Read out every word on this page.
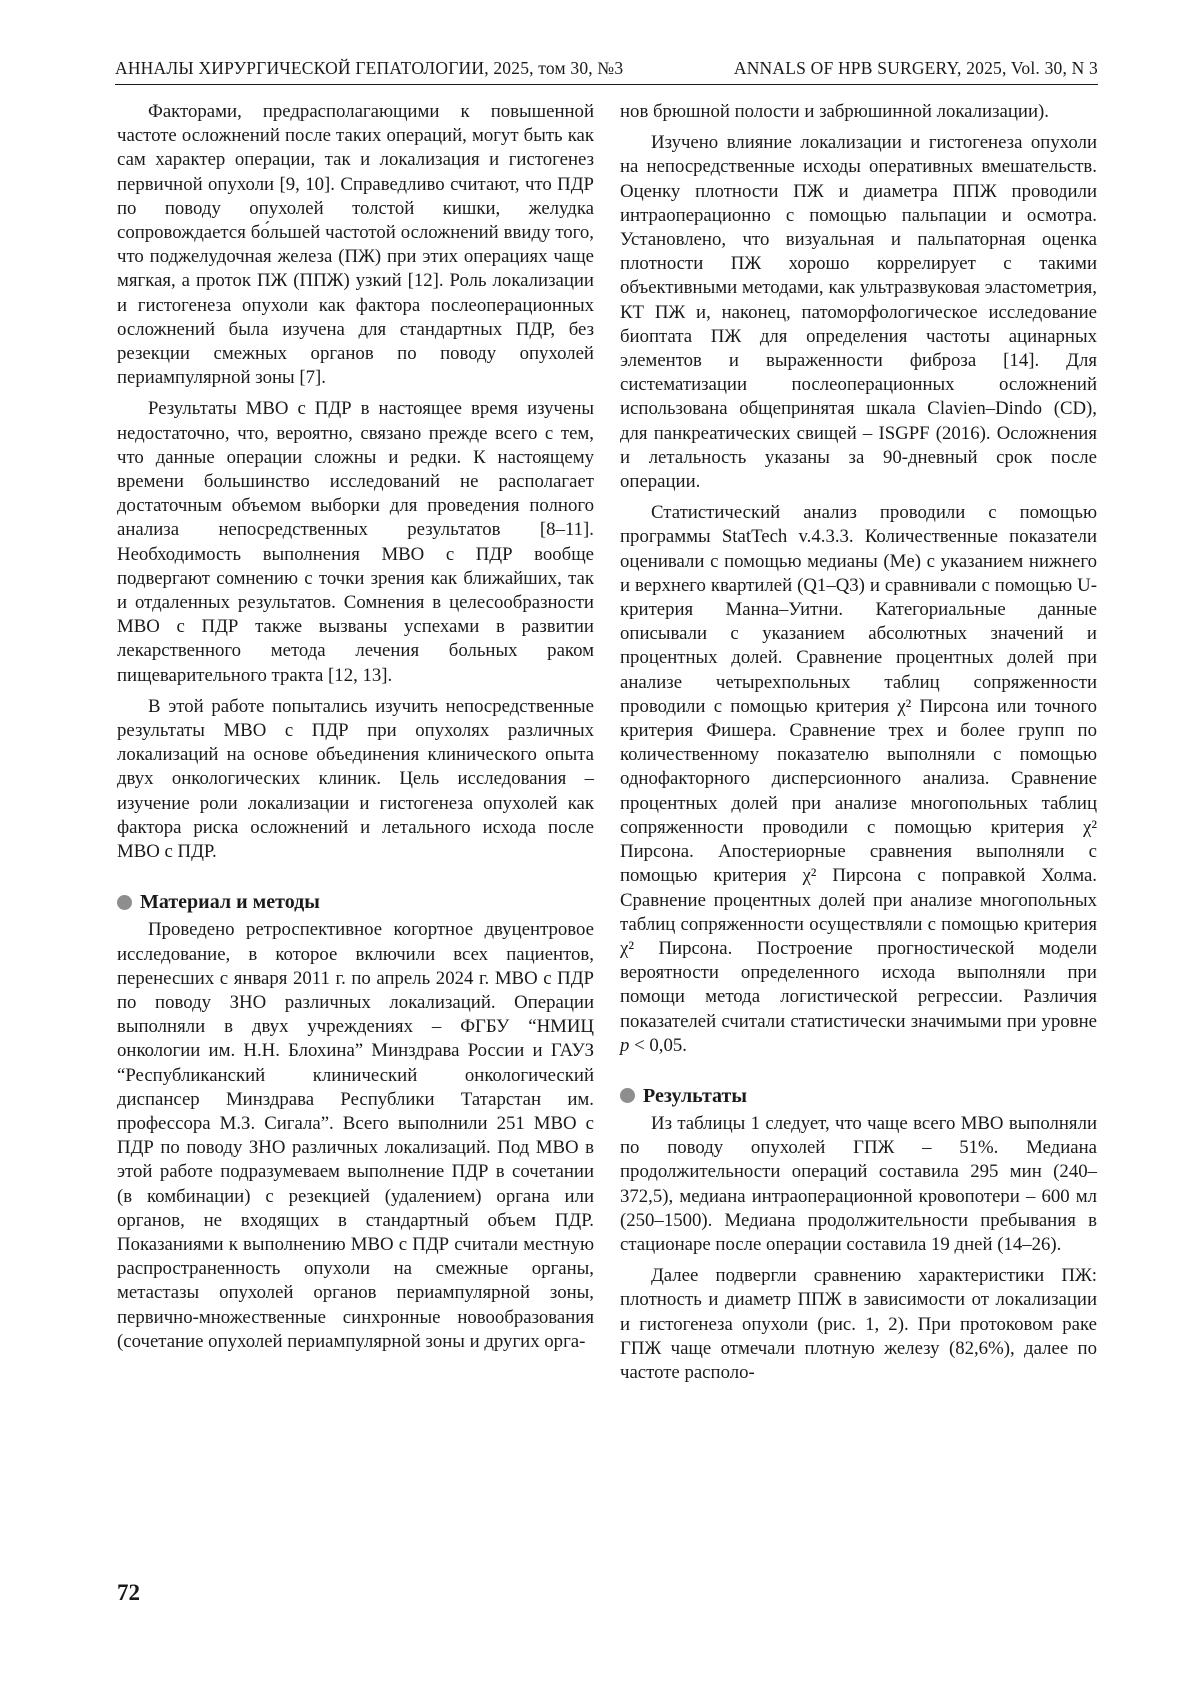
АННАЛЫ ХИРУРГИЧЕСКОЙ ГЕПАТОЛОГИИ, 2025, том 30, №3	ANNALS OF HPB SURGERY, 2025, Vol. 30, N 3

Факторами, предрасполагающими к повышенной частоте осложнений после таких операций, могут быть как сам характер операции, так и локализация и гистогенез первичной опухоли [9, 10]. Справедливо считают, что ПДР по поводу опухолей толстой кишки, желудка сопровождается бо́льшей частотой осложнений ввиду того, что поджелудочная железа (ПЖ) при этих операциях чаще мягкая, а проток ПЖ (ППЖ) узкий [12]. Роль локализации и гистогенеза опухоли как фактора послеоперационных осложнений была изучена для стандартных ПДР, без резекции смежных органов по поводу опухолей периампулярной зоны [7].

Результаты МВО с ПДР в настоящее время изучены недостаточно, что, вероятно, связано прежде всего с тем, что данные операции сложны и редки. К настоящему времени большинство исследований не располагает достаточным объемом выборки для проведения полного анализа непосредственных результатов [8–11]. Необходимость выполнения МВО с ПДР вообще подвергают сомнению с точки зрения как ближайших, так и отдаленных результатов. Сомнения в целесообразности МВО с ПДР также вызваны успехами в развитии лекарственного метода лечения больных раком пищеварительного тракта [12, 13].

В этой работе попытались изучить непосредственные результаты МВО с ПДР при опухолях различных локализаций на основе объединения клинического опыта двух онкологических клиник. Цель исследования – изучение роли локализации и гистогенеза опухолей как фактора риска осложнений и летального исхода после МВО с ПДР.

Материал и методы

Проведено ретроспективное когортное двуцентровое исследование, в которое включили всех пациентов, перенесших с января 2011 г. по апрель 2024 г. МВО с ПДР по поводу ЗНО различных локализаций. Операции выполняли в двух учреждениях – ФГБУ “НМИЦ онкологии им. Н.Н. Блохина” Минздрава России и ГАУЗ “Республиканский клинический онкологический диспансер Минздрава Республики Татарстан им. профессора М.З. Сигала”. Всего выполнили 251 МВО с ПДР по поводу ЗНО различных локализаций. Под МВО в этой работе подразумеваем выполнение ПДР в сочетании (в комбинации) с резекцией (удалением) органа или органов, не входящих в стандартный объем ПДР. Показаниями к выполнению МВО с ПДР считали местную распространенность опухоли на смежные органы, метастазы опухолей органов периампулярной зоны, первично-множественные синхронные новообразования (сочетание опухолей периампулярной зоны и других орга-

нов брюшной полости и забрюшинной локализации).

Изучено влияние локализации и гистогенеза опухоли на непосредственные исходы оперативных вмешательств. Оценку плотности ПЖ и диаметра ППЖ проводили интраоперационно с помощью пальпации и осмотра. Установлено, что визуальная и пальпаторная оценка плотности ПЖ хорошо коррелирует с такими объективными методами, как ультразвуковая эластометрия, КТ ПЖ и, наконец, патоморфологическое исследование биоптата ПЖ для определения частоты ацинарных элементов и выраженности фиброза [14]. Для систематизации послеоперационных осложнений использована общепринятая шкала Clavien–Dindo (CD), для панкреатических свищей – ISGPF (2016). Осложнения и летальность указаны за 90-дневный срок после операции.

Статистический анализ проводили с помощью программы StatTech v.4.3.3. Количественные показатели оценивали с помощью медианы (Me) с указанием нижнего и верхнего квартилей (Q1–Q3) и сравнивали с помощью U-критерия Манна–Уитни. Категориальные данные описывали с указанием абсолютных значений и процентных долей. Сравнение процентных долей при анализе четырехпольных таблиц сопряженности проводили с помощью критерия χ² Пирсона или точного критерия Фишера. Сравнение трех и более групп по количественному показателю выполняли с помощью однофакторного дисперсионного анализа. Сравнение процентных долей при анализе многопольных таблиц сопряженности проводили с помощью критерия χ² Пирсона. Апостериорные сравнения выполняли с помощью критерия χ² Пирсона с поправкой Холма. Сравнение процентных долей при анализе многопольных таблиц сопряженности осуществляли с помощью критерия χ² Пирсона. Построение прогностической модели вероятности определенного исхода выполняли при помощи метода логистической регрессии. Различия показателей считали статистически значимыми при уровне p < 0,05.

Результаты

Из таблицы 1 следует, что чаще всего МВО выполняли по поводу опухолей ГПЖ – 51%. Медиана продолжительности операций составила 295 мин (240–372,5), медиана интраоперационной кровопотери – 600 мл (250–1500). Медиана продолжительности пребывания в стационаре после операции составила 19 дней (14–26).

Далее подвергли сравнению характеристики ПЖ: плотность и диаметр ППЖ в зависимости от локализации и гистогенеза опухоли (рис. 1, 2). При протоковом раке ГПЖ чаще отмечали плотную железу (82,6%), далее по частоте располо-

72
